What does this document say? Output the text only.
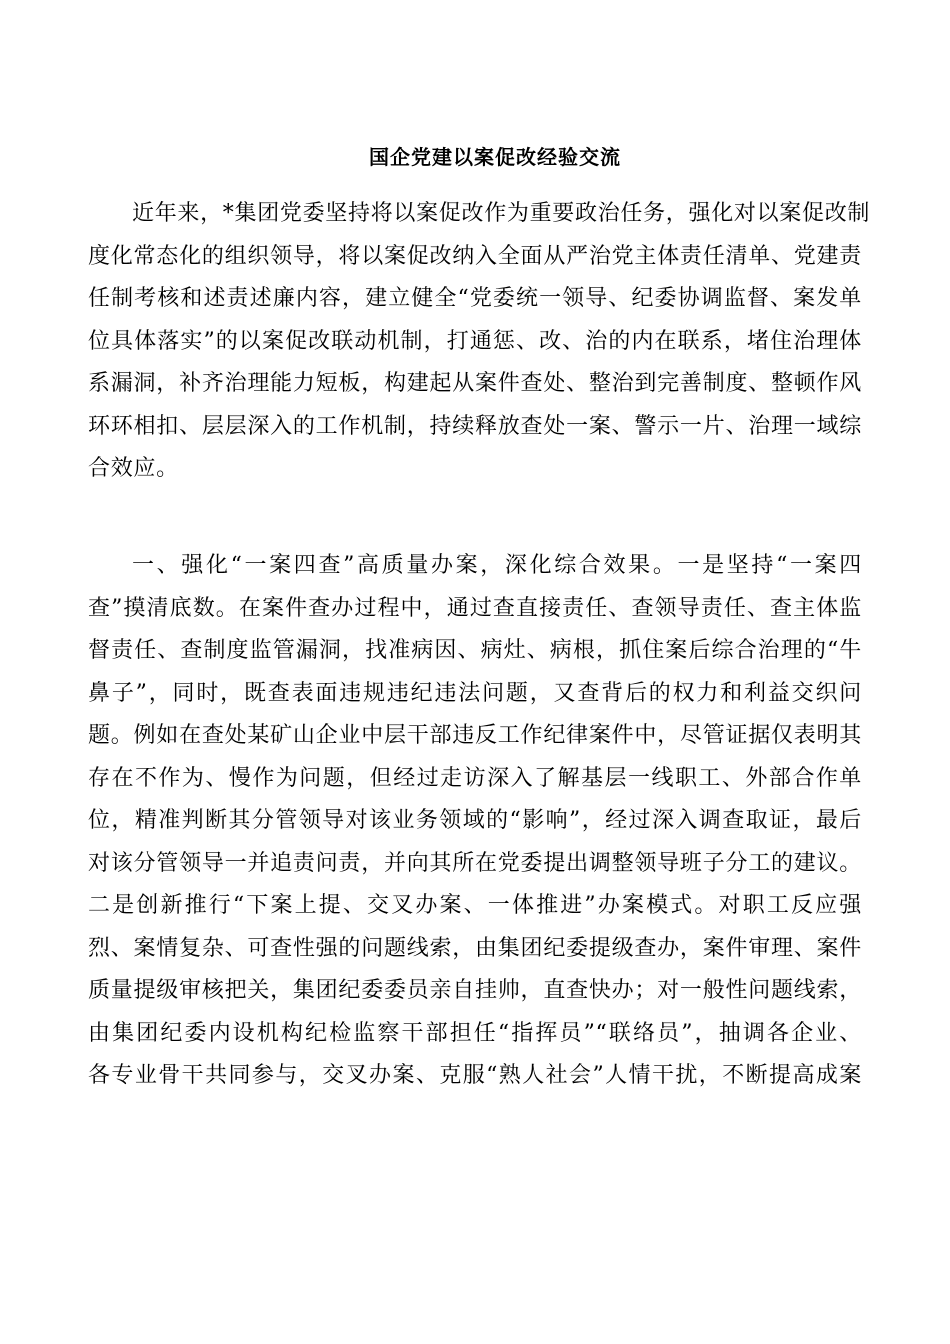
国企党建以案促改经验交流
近年来，*集团党委坚持将以案促改作为重要政治任务，强化对以案促改制
度化常态化的组织领导，将以案促改纳入全面从严治党主体责任清单、党建责
任制考核和述责述廉内容，建立健全“党委统一领导、纪委协调监督、案发单
位具体落实”的以案促改联动机制，打通惩、改、治的内在联系，堵住治理体
系漏洞，补齐治理能力短板，构建起从案件查处、整治到完善制度、整顿作风
环环相扣、层层深入的工作机制，持续释放查处一案、警示一片、治理一域综
合效应。
一、强化“一案四查”高质量办案，深化综合效果。一是坚持“一案四
查”摸清底数。在案件查办过程中，通过查直接责任、查领导责任、查主体监
督责任、查制度监管漏洞，找准病因、病灶、病根，抓住案后综合治理的“牛
鼻子”，同时，既查表面违规违纪违法问题，又查背后的权力和利益交织问
题。例如在查处某矿山企业中层干部违反工作纪律案件中，尽管证据仅表明其
存在不作为、慢作为问题，但经过走访深入了解基层一线职工、外部合作单
位，精准判断其分管领导对该业务领域的“影响”，经过深入调查取证，最后
对该分管领导一并追责问责，并向其所在党委提出调整领导班子分工的建议。
二是创新推行“下案上提、交叉办案、一体推进”办案模式。对职工反应强
烈、案情复杂、可查性强的问题线索，由集团纪委提级查办，案件审理、案件
质量提级审核把关，集团纪委委员亲自挂帅，直查快办；对一般性问题线索，
由集团纪委内设机构纪检监察干部担任“指挥员”“联络员”，抽调各企业、
各专业骨干共同参与，交叉办案、克服“熟人社会”人情干扰，不断提高成案
